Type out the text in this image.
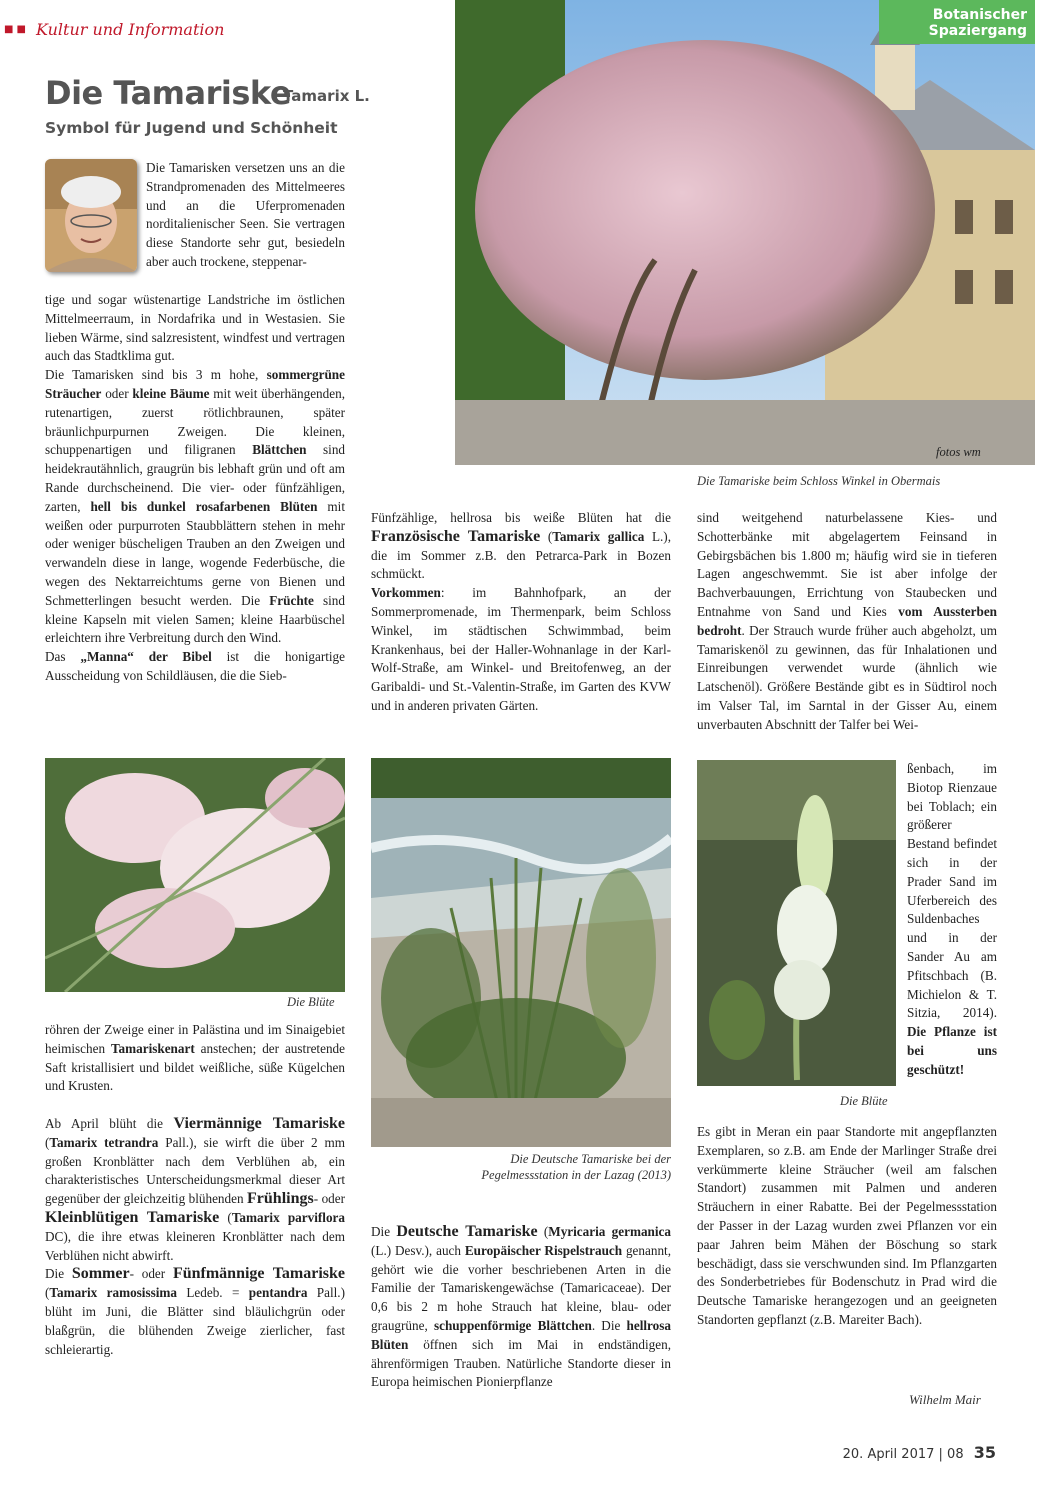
■■ Kultur und Information
Die Tamariske
Tamarix L.
Symbol für Jugend und Schönheit
Botanischer
Spaziergang
fotos wm
Die Tamariske beim Schloss Winkel in Obermais

Die Tamarisken versetzen uns an die Strandpromenaden des Mittelmeeres und an die Uferpromenaden norditalienischer Seen. Sie vertragen diese Standorte sehr gut, besiedeln aber auch trockene, steppenar-

tige und sogar wüstenartige Landstriche im östlichen Mittelmeerraum, in Nordafrika und in Westasien. Sie lieben Wärme, sind salzresistent, windfest und vertragen auch das Stadtklima gut.
Die Tamarisken sind bis 3 m hohe, sommergrüne Sträucher oder kleine Bäume mit weit überhängenden, rutenartigen, zuerst rötlichbraunen, später bräunlichpurpurnen Zweigen. Die kleinen, schuppenartigen und filigranen Blättchen sind heidekrautähnlich, graugrün bis lebhaft grün und oft am Rande durchscheinend. Die vier- oder fünfzähligen, zarten, hell bis dunkel rosafarbenen Blüten mit weißen oder purpurroten Staubblättern stehen in mehr oder weniger büscheligen Trauben an den Zweigen und verwandeln diese in lange, wogende Federbüsche, die wegen des Nektarreichtums gerne von Bienen und Schmetterlingen besucht werden. Die Früchte sind kleine Kapseln mit vielen Samen; kleine Haarbüschel erleichtern ihre Verbreitung durch den Wind.
Das „Manna“ der Bibel ist die honigartige Ausscheidung von Schildläusen, die die Sieb-

Die Blüte

röhren der Zweige einer in Palästina und im Sinaigebiet heimischen Tamariskenart anstechen; der austretende Saft kristallisiert und bildet weißliche, süße Kügelchen und Krusten.

Ab April blüht die Viermännige Tamariske (Tamarix tetrandra Pall.), sie wirft die über 2 mm großen Kronblätter nach dem Verblühen ab, ein charakteristisches Unterscheidungsmerkmal dieser Art gegenüber der gleichzeitig blühenden Frühlings- oder Kleinblütigen Tamariske (Tamarix parviflora DC), die ihre etwas kleineren Kronblätter nach dem Verblühen nicht abwirft.
Die Sommer- oder Fünfmännige Tamariske (Tamarix ramosissima Ledeb. = pentandra Pall.) blüht im Juni, die Blätter sind bläulichgrün oder blaßgrün, die blühenden Zweige zierlicher, fast schleierartig.

Fünfzählige, hellrosa bis weiße Blüten hat die Französische Tamariske (Tamarix gallica L.), die im Sommer z.B. den Petrarca-Park in Bozen schmückt.
Vorkommen: im Bahnhofpark, an der Sommerpromenade, im Thermenpark, beim Schloss Winkel, im städtischen Schwimmbad, beim Krankenhaus, bei der Haller-Wohnanlage in der Karl-Wolf-Straße, am Winkel- und Breitofenweg, an der Garibaldi- und St.-Valentin-Straße, im Garten des KVW und in anderen privaten Gärten.

Die Deutsche Tamariske bei der
Pegelmessstation in der Lazag (2013)

Die Deutsche Tamariske (Myricaria germanica (L.) Desv.), auch Europäischer Rispelstrauch genannt, gehört wie die vorher beschriebenen Arten in die Familie der Tamariskengewächse (Tamaricaceae). Der 0,6 bis 2 m hohe Strauch hat kleine, blau- oder graugrüne, schuppenförmige Blättchen. Die hellrosa Blüten öffnen sich im Mai in endständigen, ährenförmigen Trauben. Natürliche Standorte dieser in Europa heimischen Pionierpflanze

sind weitgehend naturbelassene Kies- und Schotterbänke mit abgelagertem Feinsand in Gebirgsbächen bis 1.800 m; häufig wird sie in tieferen Lagen angeschwemmt. Sie ist aber infolge der Bachverbauungen, Errichtung von Staubecken und Entnahme von Sand und Kies vom Aussterben bedroht. Der Strauch wurde früher auch abgeholzt, um Tamariskenöl zu gewinnen, das für Inhalationen und Einreibungen verwendet wurde (ähnlich wie Latschenöl). Größere Bestände gibt es in Südtirol noch im Valser Tal, im Sarntal in der Gisser Au, einem unverbauten Abschnitt der Talfer bei Wei-

ßenbach, im Biotop Rienzaue bei Toblach; ein größerer Bestand befindet sich in der Prader Sand im Uferbereich des Suldenbaches und in der Sander Au am Pfitschbach (B. Michielon & T. Sitzia, 2014). Die Pflanze ist bei uns geschützt!

Die Blüte

Es gibt in Meran ein paar Standorte mit angepflanzten Exemplaren, so z.B. am Ende der Marlinger Straße drei verkümmerte kleine Sträucher (weil am falschen Standort) zusammen mit Palmen und anderen Sträuchern in einer Rabatte. Bei der Pegelmessstation der Passer in der Lazag wurden zwei Pflanzen vor ein paar Jahren beim Mähen der Böschung so stark beschädigt, dass sie verschwunden sind. Im Pflanzgarten des Sonderbetriebes für Bodenschutz in Prad wird die Deutsche Tamariske herangezogen und an geeigneten Standorten gepflanzt (z.B. Mareiter Bach).

Wilhelm Mair
20. April 2017 | 08 35
